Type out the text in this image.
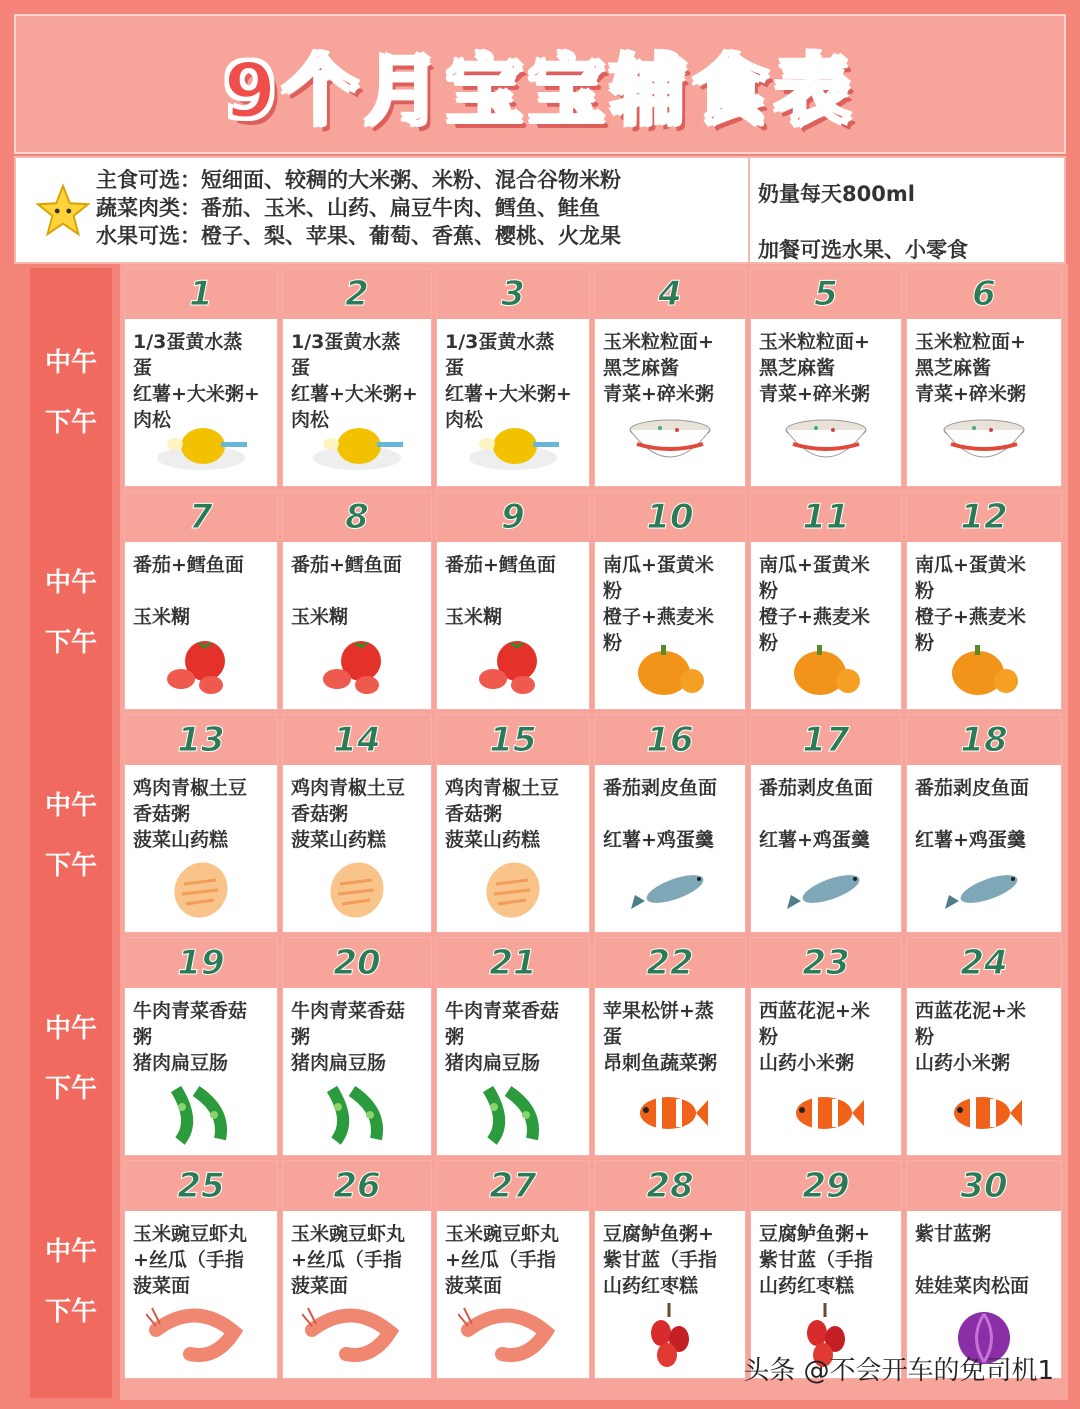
9个月宝宝辅食表
主食可选：短细面、较稠的大米粥、米粉、混合谷物米粉
蔬菜肉类：番茄、玉米、山药、扁豆牛肉、鳕鱼、鲑鱼
水果可选：橙子、梨、苹果、葡萄、香蕉、樱桃、火龙果
奶量每天800ml
加餐可选水果、小零食
中午
下午
中午
下午
中午
下午
中午
下午
中午
下午
1
1/3蛋黄水蒸
蛋
红薯+大米粥+
肉松
2
1/3蛋黄水蒸
蛋
红薯+大米粥+
肉松
3
1/3蛋黄水蒸
蛋
红薯+大米粥+
肉松
4
玉米粒粒面+
黑芝麻酱
青菜+碎米粥
5
玉米粒粒面+
黑芝麻酱
青菜+碎米粥
6
玉米粒粒面+
黑芝麻酱
青菜+碎米粥
7
番茄+鳕鱼面

玉米糊
8
番茄+鳕鱼面

玉米糊
9
番茄+鳕鱼面

玉米糊
10
南瓜+蛋黄米
粉
橙子+燕麦米
粉
11
南瓜+蛋黄米
粉
橙子+燕麦米
粉
12
南瓜+蛋黄米
粉
橙子+燕麦米
粉
13
鸡肉青椒土豆
香菇粥
菠菜山药糕
14
鸡肉青椒土豆
香菇粥
菠菜山药糕
15
鸡肉青椒土豆
香菇粥
菠菜山药糕
16
番茄剥皮鱼面

红薯+鸡蛋羹
17
番茄剥皮鱼面

红薯+鸡蛋羹
18
番茄剥皮鱼面

红薯+鸡蛋羹
19
牛肉青菜香菇
粥
猪肉扁豆肠
20
牛肉青菜香菇
粥
猪肉扁豆肠
21
牛肉青菜香菇
粥
猪肉扁豆肠
22
苹果松饼+蒸
蛋
昂刺鱼蔬菜粥
23
西蓝花泥+米
粉
山药小米粥
24
西蓝花泥+米
粉
山药小米粥
25
玉米豌豆虾丸
+丝瓜（手指
菠菜面
26
玉米豌豆虾丸
+丝瓜（手指
菠菜面
27
玉米豌豆虾丸
+丝瓜（手指
菠菜面
28
豆腐鲈鱼粥+
紫甘蓝（手指
山药红枣糕
29
豆腐鲈鱼粥+
紫甘蓝（手指
山药红枣糕
30
紫甘蓝粥

娃娃菜肉松面
头条 @不会开车的免司机1
